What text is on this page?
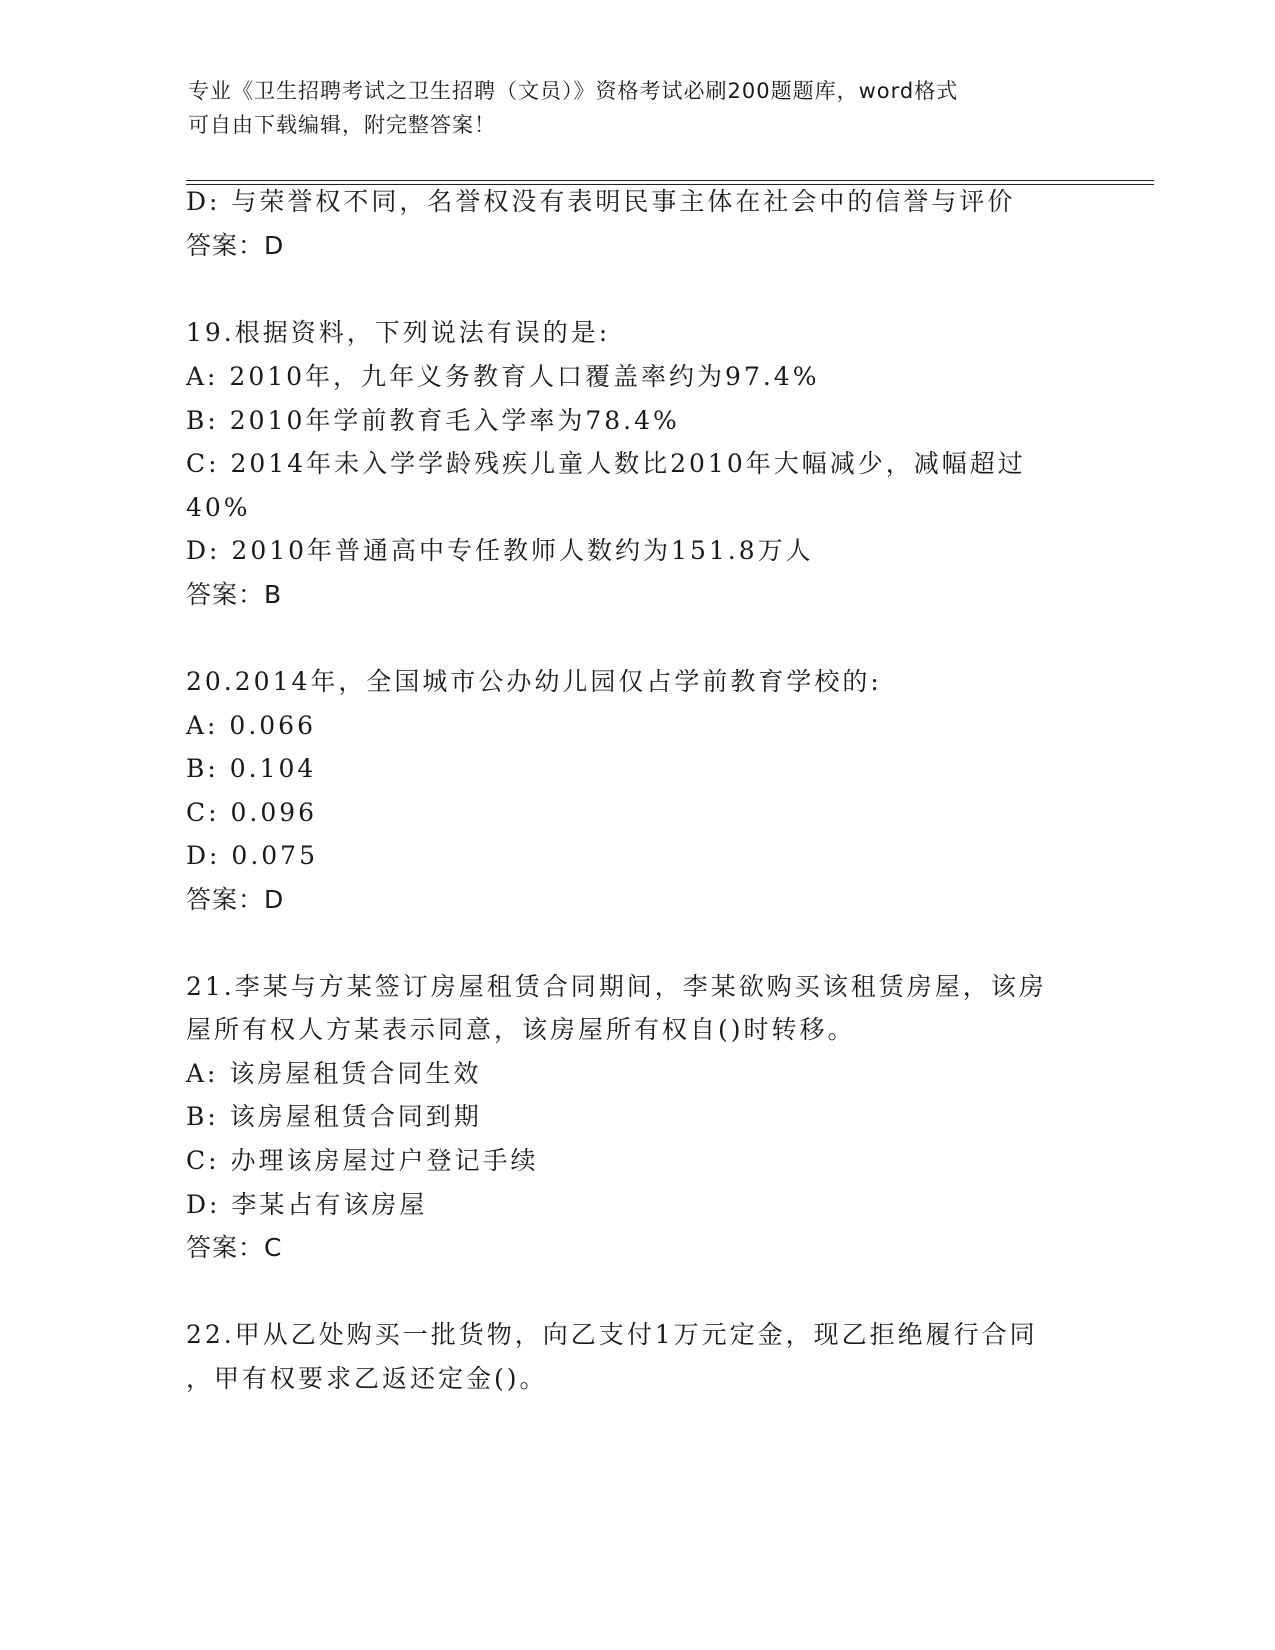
专业《卫生招聘考试之卫生招聘（文员）》资格考试必刷200题题库，word格式
可自由下载编辑，附完整答案！
D: 与荣誉权不同，名誉权没有表明民事主体在社会中的信誉与评价
答案：D
19.根据资料，下列说法有误的是:
A: 2010年，九年义务教育人口覆盖率约为97.4%
B: 2010年学前教育毛入学率为78.4%
C: 2014年未入学学龄残疾儿童人数比2010年大幅减少，减幅超过
40%
D: 2010年普通高中专任教师人数约为151.8万人
答案：B
20.2014年，全国城市公办幼儿园仅占学前教育学校的:
A: 0.066
B: 0.104
C: 0.096
D: 0.075
答案：D
21.李某与方某签订房屋租赁合同期间，李某欲购买该租赁房屋，该房
屋所有权人方某表示同意，该房屋所有权自()时转移。
A: 该房屋租赁合同生效
B: 该房屋租赁合同到期
C: 办理该房屋过户登记手续
D: 李某占有该房屋
答案：C
22.甲从乙处购买一批货物，向乙支付1万元定金，现乙拒绝履行合同
，甲有权要求乙返还定金()。
